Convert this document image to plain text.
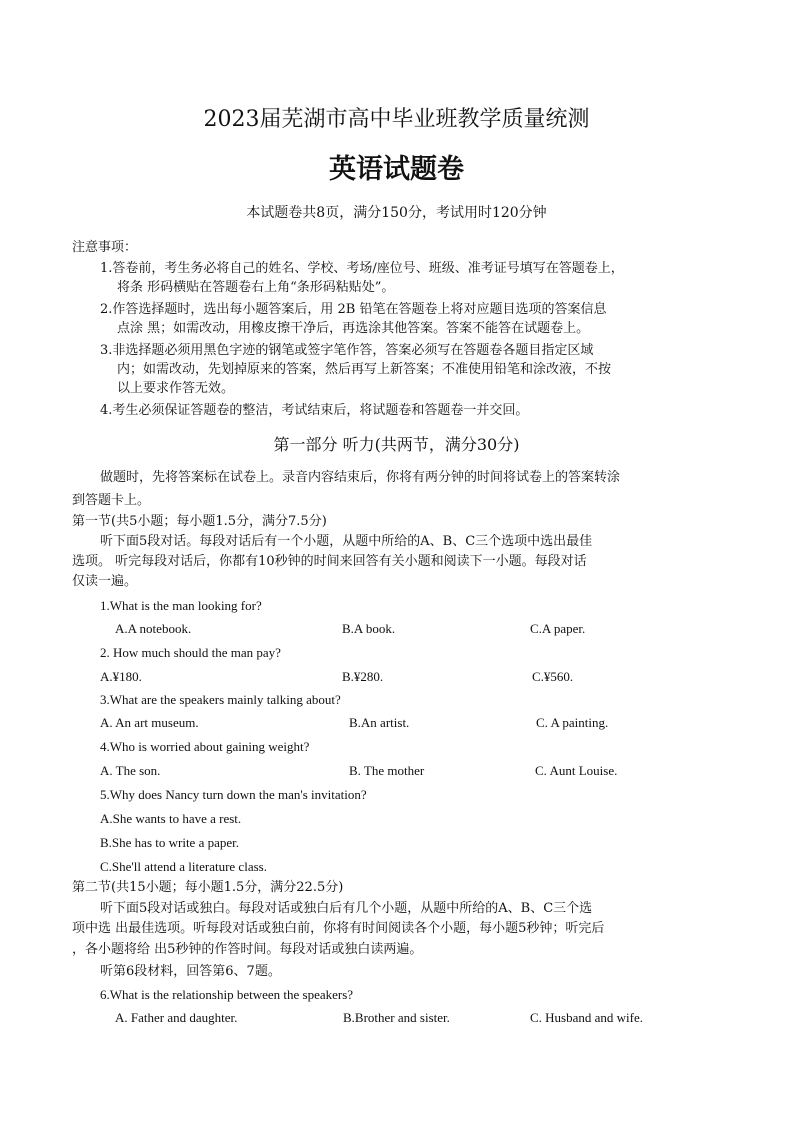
2023届芜湖市高中毕业班教学质量统测
英语试题卷
本试题卷共8页，满分150分，考试用时120分钟
注意事项：
1.答卷前，考生务必将自己的姓名、学校、考场/座位号、班级、准考证号填写在答题卷上，
将条 形码横贴在答题卷右上角“条形码粘贴处”。
2.作答选择题时，选出每小题答案后，用 2B 铅笔在答题卷上将对应题目选项的答案信息
点涂 黑；如需改动，用橡皮擦干净后，再选涂其他答案。答案不能答在试题卷上。
3.非选择题必须用黑色字迹的钢笔或签字笔作答，答案必须写在答题卷各题目指定区域
内；如需改动，先划掉原来的答案，然后再写上新答案；不准使用铅笔和涂改液，不按
以上要求作答无效。
4.考生必须保证答题卷的整洁，考试结束后，将试题卷和答题卷一并交回。
第一部分 听力(共两节，满分30分)
做题时，先将答案标在试卷上。录音内容结束后，你将有两分钟的时间将试卷上的答案转涂
到答题卡上。
第一节(共5小题；每小题1.5分，满分7.5分)
听下面5段对话。每段对话后有一个小题，从题中所给的A、B、C三个选项中选出最佳
选项。 听完每段对话后，你都有10秒钟的时间来回答有关小题和阅读下一小题。每段对话
仅读一遍。
1.What is the man looking for?
A.A notebook.	B.A book.	C.A paper.
2. How much should the man pay?
A.¥180.	B.¥280.	C.¥560.
3.What are the speakers mainly talking about?
A. An art museum.	B.An artist.	C. A painting.
4.Who is worried about gaining weight?
A. The son.	B. The mother	C. Aunt Louise.
5.Why does Nancy turn down the man's invitation?
A.She wants to have a rest.
B.She has to write a paper.
C.She'll attend a literature class.
第二节(共15小题；每小题1.5分，满分22.5分)
听下面5段对话或独白。每段对话或独白后有几个小题，从题中所给的A、B、C三个选
项中选 出最佳选项。听每段对话或独白前，你将有时间阅读各个小题，每小题5秒钟；听完后
，各小题将给 出5秒钟的作答时间。每段对话或独白读两遍。
听第6段材料，回答第6、7题。
6.What is the relationship between the speakers?
A. Father and daughter.	B.Brother and sister.	C. Husband and wife.
